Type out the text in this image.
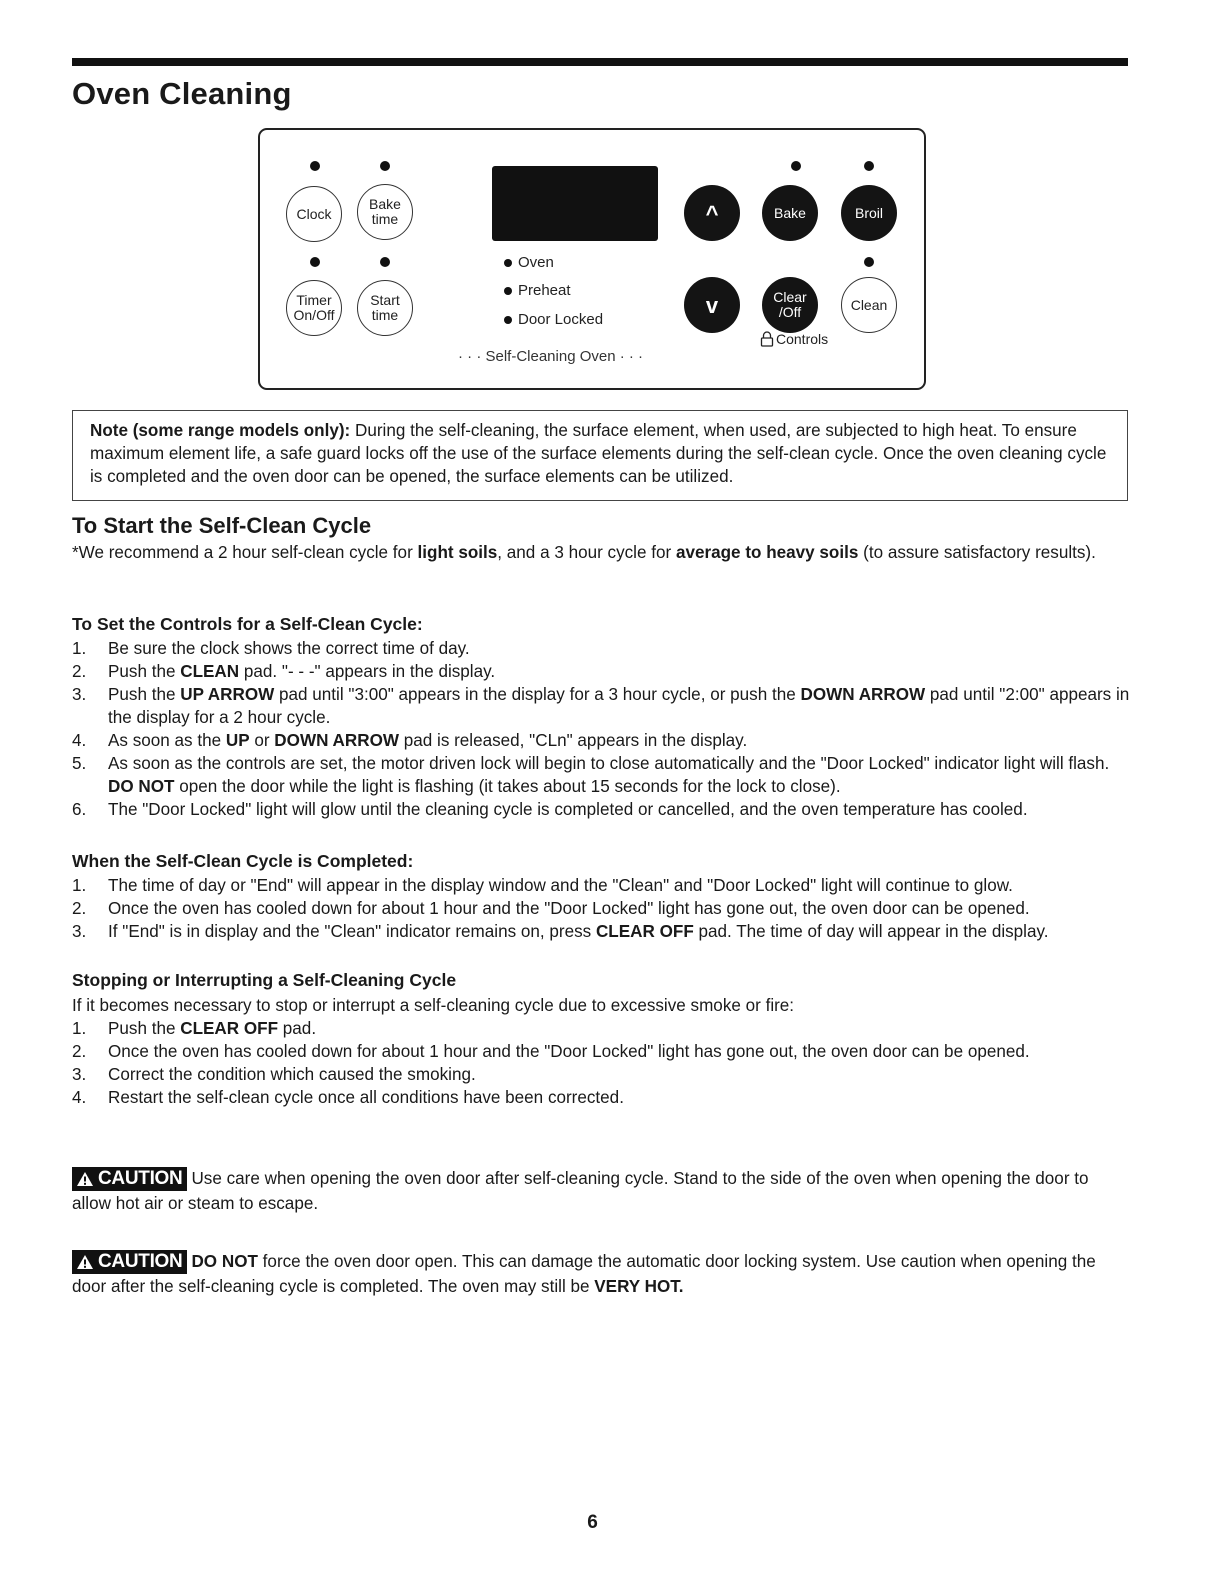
Oven Cleaning
Clock
Bake
time
Timer
On/Off
Start
time
Oven
Preheat
Door Locked
· · · Self-Cleaning Oven · · ·
^	Bake	Broil
v	Clear
/Off	Clean
Controls
Note (some range models only): During the self-cleaning, the surface element, when used, are subjected to high heat. To ensure maximum element life, a safe guard locks off the use of the surface elements during the self-clean cycle. Once the oven cleaning cycle is completed and the oven door can be opened, the surface elements can be utilized.
To Start the Self-Clean Cycle

*We recommend a 2 hour self-clean cycle for light soils, and a 3 hour cycle for average to heavy soils (to assure satisfactory results).

To Set the Controls for a Self-Clean Cycle:
1. Be sure the clock shows the correct time of day.
2. Push the CLEAN pad. "- - -" appears in the display.
3. Push the UP ARROW pad until "3:00" appears in the display for a 3 hour cycle, or push the DOWN ARROW pad until "2:00" appears in the display for a 2 hour cycle.
4. As soon as the UP or DOWN ARROW pad is released, "CLn" appears in the display.
5. As soon as the controls are set, the motor driven lock will begin to close automatically and the "Door Locked" indicator light will flash. DO NOT open the door while the light is flashing (it takes about 15 seconds for the lock to close).
6. The "Door Locked" light will glow until the cleaning cycle is completed or cancelled, and the oven temperature has cooled.
When the Self-Clean Cycle is Completed:
1. The time of day or "End" will appear in the display window and the "Clean" and "Door Locked" light will continue to glow.
2. Once the oven has cooled down for about 1 hour and the "Door Locked" light has gone out, the oven door can be opened.
3. If "End" is in display and the "Clean" indicator remains on, press CLEAR OFF pad. The time of day will appear in the display.
Stopping or Interrupting a Self-Cleaning Cycle

If it becomes necessary to stop or interrupt a self-cleaning cycle due to excessive smoke or fire:

1. Push the CLEAR OFF pad.
2. Once the oven has cooled down for about 1 hour and the "Door Locked" light has gone out, the oven door can be opened.
3. Correct the condition which caused the smoking.
4. Restart the self-clean cycle once all conditions have been corrected.

CAUTION Use care when opening the oven door after self-cleaning cycle. Stand to the side of the oven when opening the door to allow hot air or steam to escape.

CAUTION DO NOT force the oven door open. This can damage the automatic door locking system. Use caution when opening the door after the self-cleaning cycle is completed. The oven may still be VERY HOT.

6
